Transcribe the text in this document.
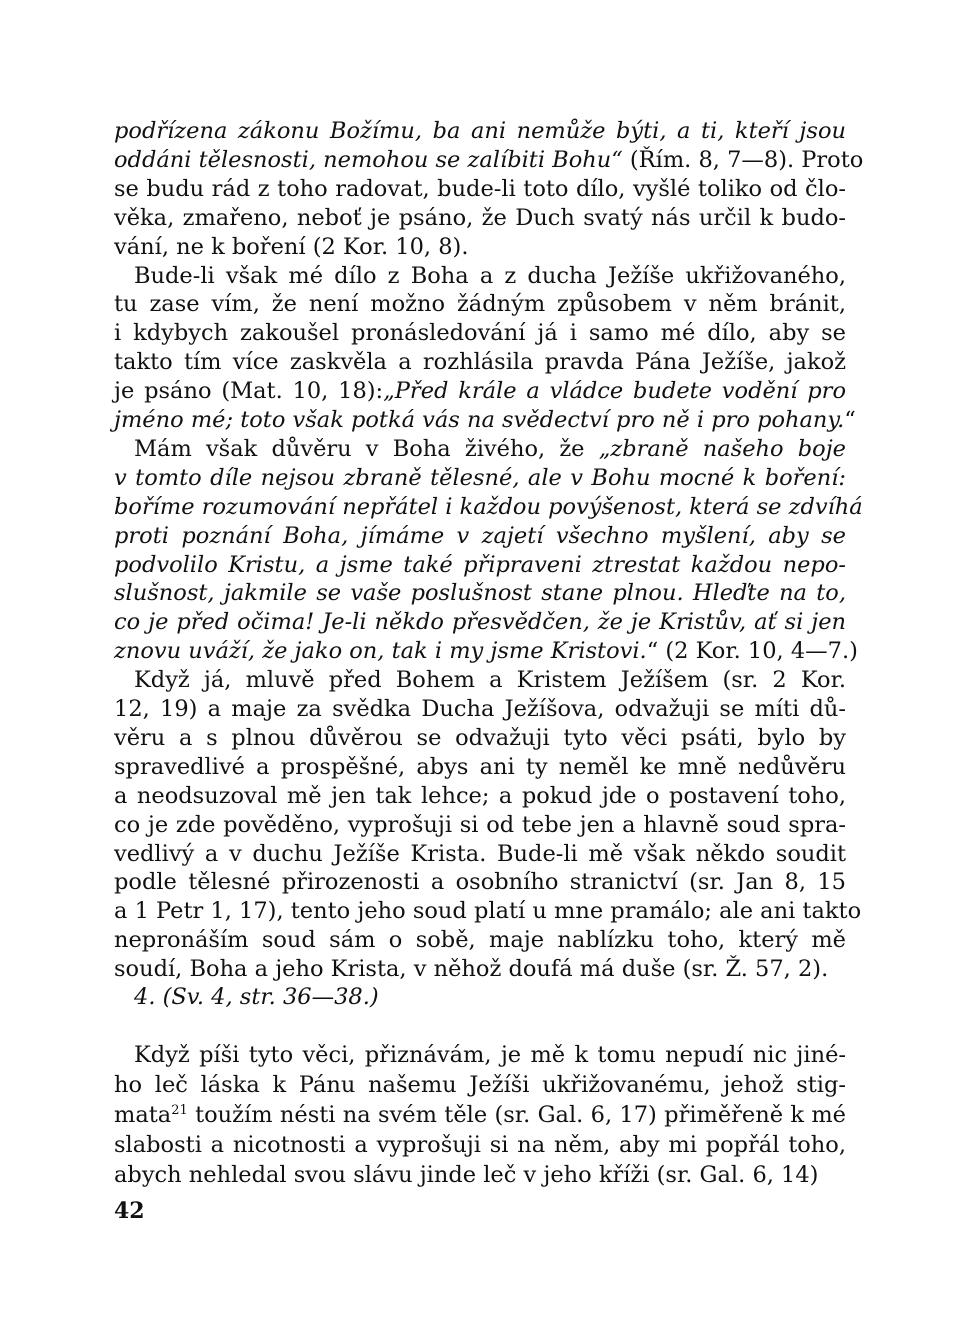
podřízena zákonu Božímu, ba ani nemůže býti, a ti, kteří jsou
oddáni tělesnosti, nemohou se zalíbiti Bohu“ (Řím. 8, 7—8). Proto
se budu rád z toho radovat, bude-li toto dílo, vyšlé toliko od člo-
věka, zmařeno, neboť je psáno, že Duch svatý nás určil k budo-
vání, ne k boření (2 Kor. 10, 8).
Bude-li však mé dílo z Boha a z ducha Ježíše ukřižovaného,
tu zase vím, že není možno žádným způsobem v něm bránit,
i kdybych zakoušel pronásledování já i samo mé dílo, aby se
takto tím více zaskvěla a rozhlásila pravda Pána Ježíše, jakož
je psáno (Mat. 10, 18):„Před krále a vládce budete vodění pro
jméno mé; toto však potká vás na svědectví pro ně i pro pohany.“
Mám však důvěru v Boha živého, že „zbraně našeho boje
v tomto díle nejsou zbraně tělesné, ale v Bohu mocné k boření:
boříme rozumování nepřátel i každou povýšenost, která se zdvíhá
proti poznání Boha, jímáme v zajetí všechno myšlení, aby se
podvolilo Kristu, a jsme také připraveni ztrestat každou nepo-
slušnost, jakmile se vaše poslušnost stane plnou. Hleďte na to,
co je před očima! Je-li někdo přesvědčen, že je Kristův, ať si jen
znovu uváží, že jako on, tak i my jsme Kristovi.“ (2 Kor. 10, 4—7.)
Když já, mluvě před Bohem a Kristem Ježíšem (sr. 2 Kor.
12, 19) a maje za svědka Ducha Ježíšova, odvažuji se míti dů-
věru a s plnou důvěrou se odvažuji tyto věci psáti, bylo by
spravedlivé a prospěšné, abys ani ty neměl ke mně nedůvěru
a neodsuzoval mě jen tak lehce; a pokud jde o postavení toho,
co je zde pověděno, vyprošuji si od tebe jen a hlavně soud spra-
vedlivý a v duchu Ježíše Krista. Bude-li mě však někdo soudit
podle tělesné přirozenosti a osobního stranictví (sr. Jan 8, 15
a 1 Petr 1, 17), tento jeho soud platí u mne pramálo; ale ani takto
nepronáším soud sám o sobě, maje nablízku toho, který mě
soudí, Boha a jeho Krista, v něhož doufá má duše (sr. Ž. 57, 2).
Když píši tyto věci, přiznávám, je mě k tomu nepudí nic jiné-
ho leč láska k Pánu našemu Ježíši ukřižovanému, jehož stig-
mata$^{21}$ toužím nésti na svém těle (sr. Gal. 6, 17) přiměřeně k mé
slabosti a nicotnosti a vyprošuji si na něm, aby mi popřál toho,
abych nehledal svou slávu jinde leč v jeho kříži (sr. Gal. 6, 14)
4. (Sv. 4, str. 36—38.)
42
